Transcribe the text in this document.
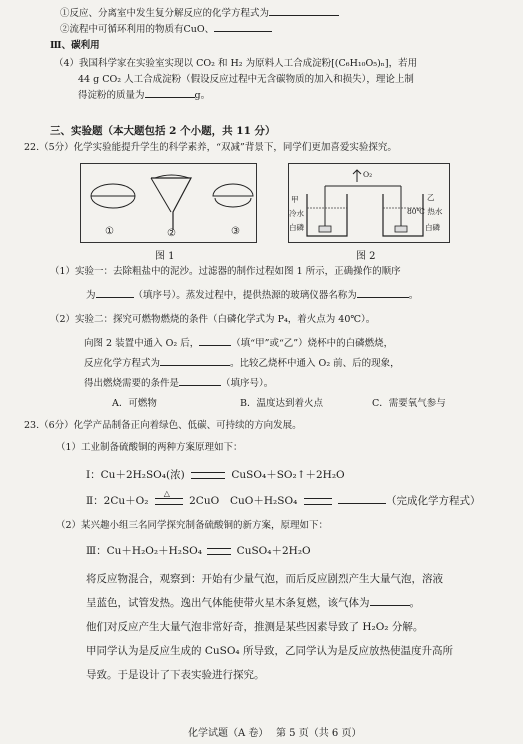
①反应、分离室中发生复分解反应的化学方程式为
②流程中可循环利用的物质有CuO、
Ⅲ、碳利用
（4）我国科学家在实验室实现以 CO₂ 和 H₂ 为原料人工合成淀粉[(C₆H₁₀O₅)ₙ]，若用
44 g CO₂ 人工合成淀粉（假设反应过程中无含碳物质的加入和损失），理论上制
得淀粉的质量为	g。
三、实验题（本大题包括 2 个小题，共 11 分）
22.（5分）化学实验能提升学生的科学素养，“双减”背景下，同学们更加喜爱实验探究。
①	②	③
图 1
O₂
甲
冷水
白磷
乙
80℃ 热水
白磷
图 2
（1）实验一：去除粗盐中的泥沙。过滤器的制作过程如图 1 所示，正确操作的顺序
为	（填序号）。蒸发过程中，提供热源的玻璃仪器名称为	。
（2）实验二：探究可燃物燃烧的条件（白磷化学式为 P₄，着火点为 40℃）。
向图 2 装置中通入 O₂ 后，	（填“甲”或“乙”）烧杯中的白磷燃烧，
反应化学方程式为	。比较乙烧杯中通入 O₂ 前、后的现象，
得出燃烧需要的条件是	（填序号）。
A．可燃物	B．温度达到着火点	C．需要氧气参与
23.（6分）化学产品制备正向着绿色、低碳、可持续的方向发展。
（1）工业制备硫酸铜的两种方案原理如下：
Ⅰ：Cu＋2H₂SO₄(浓)	CuSO₄＋SO₂↑＋2H₂O
Ⅱ：2Cu＋O₂
△
2CuO CuO＋H₂SO₄	（完成化学方程式）
（2）某兴趣小组三名同学探究制备硫酸铜的新方案，原理如下：
Ⅲ：Cu＋H₂O₂＋H₂SO₄	CuSO₄＋2H₂O
将反应物混合，观察到：开始有少量气泡，而后反应剧烈产生大量气泡，溶液
呈蓝色，试管发热。逸出气体能使带火星木条复燃，该气体为	。
他们对反应产生大量气泡非常好奇，推测是某些因素导致了 H₂O₂ 分解。
甲同学认为是反应生成的 CuSO₄ 所导致，乙同学认为是反应放热使温度升高所
导致。于是设计了下表实验进行探究。
化学试题（A 卷） 第 5 页（共 6 页）
